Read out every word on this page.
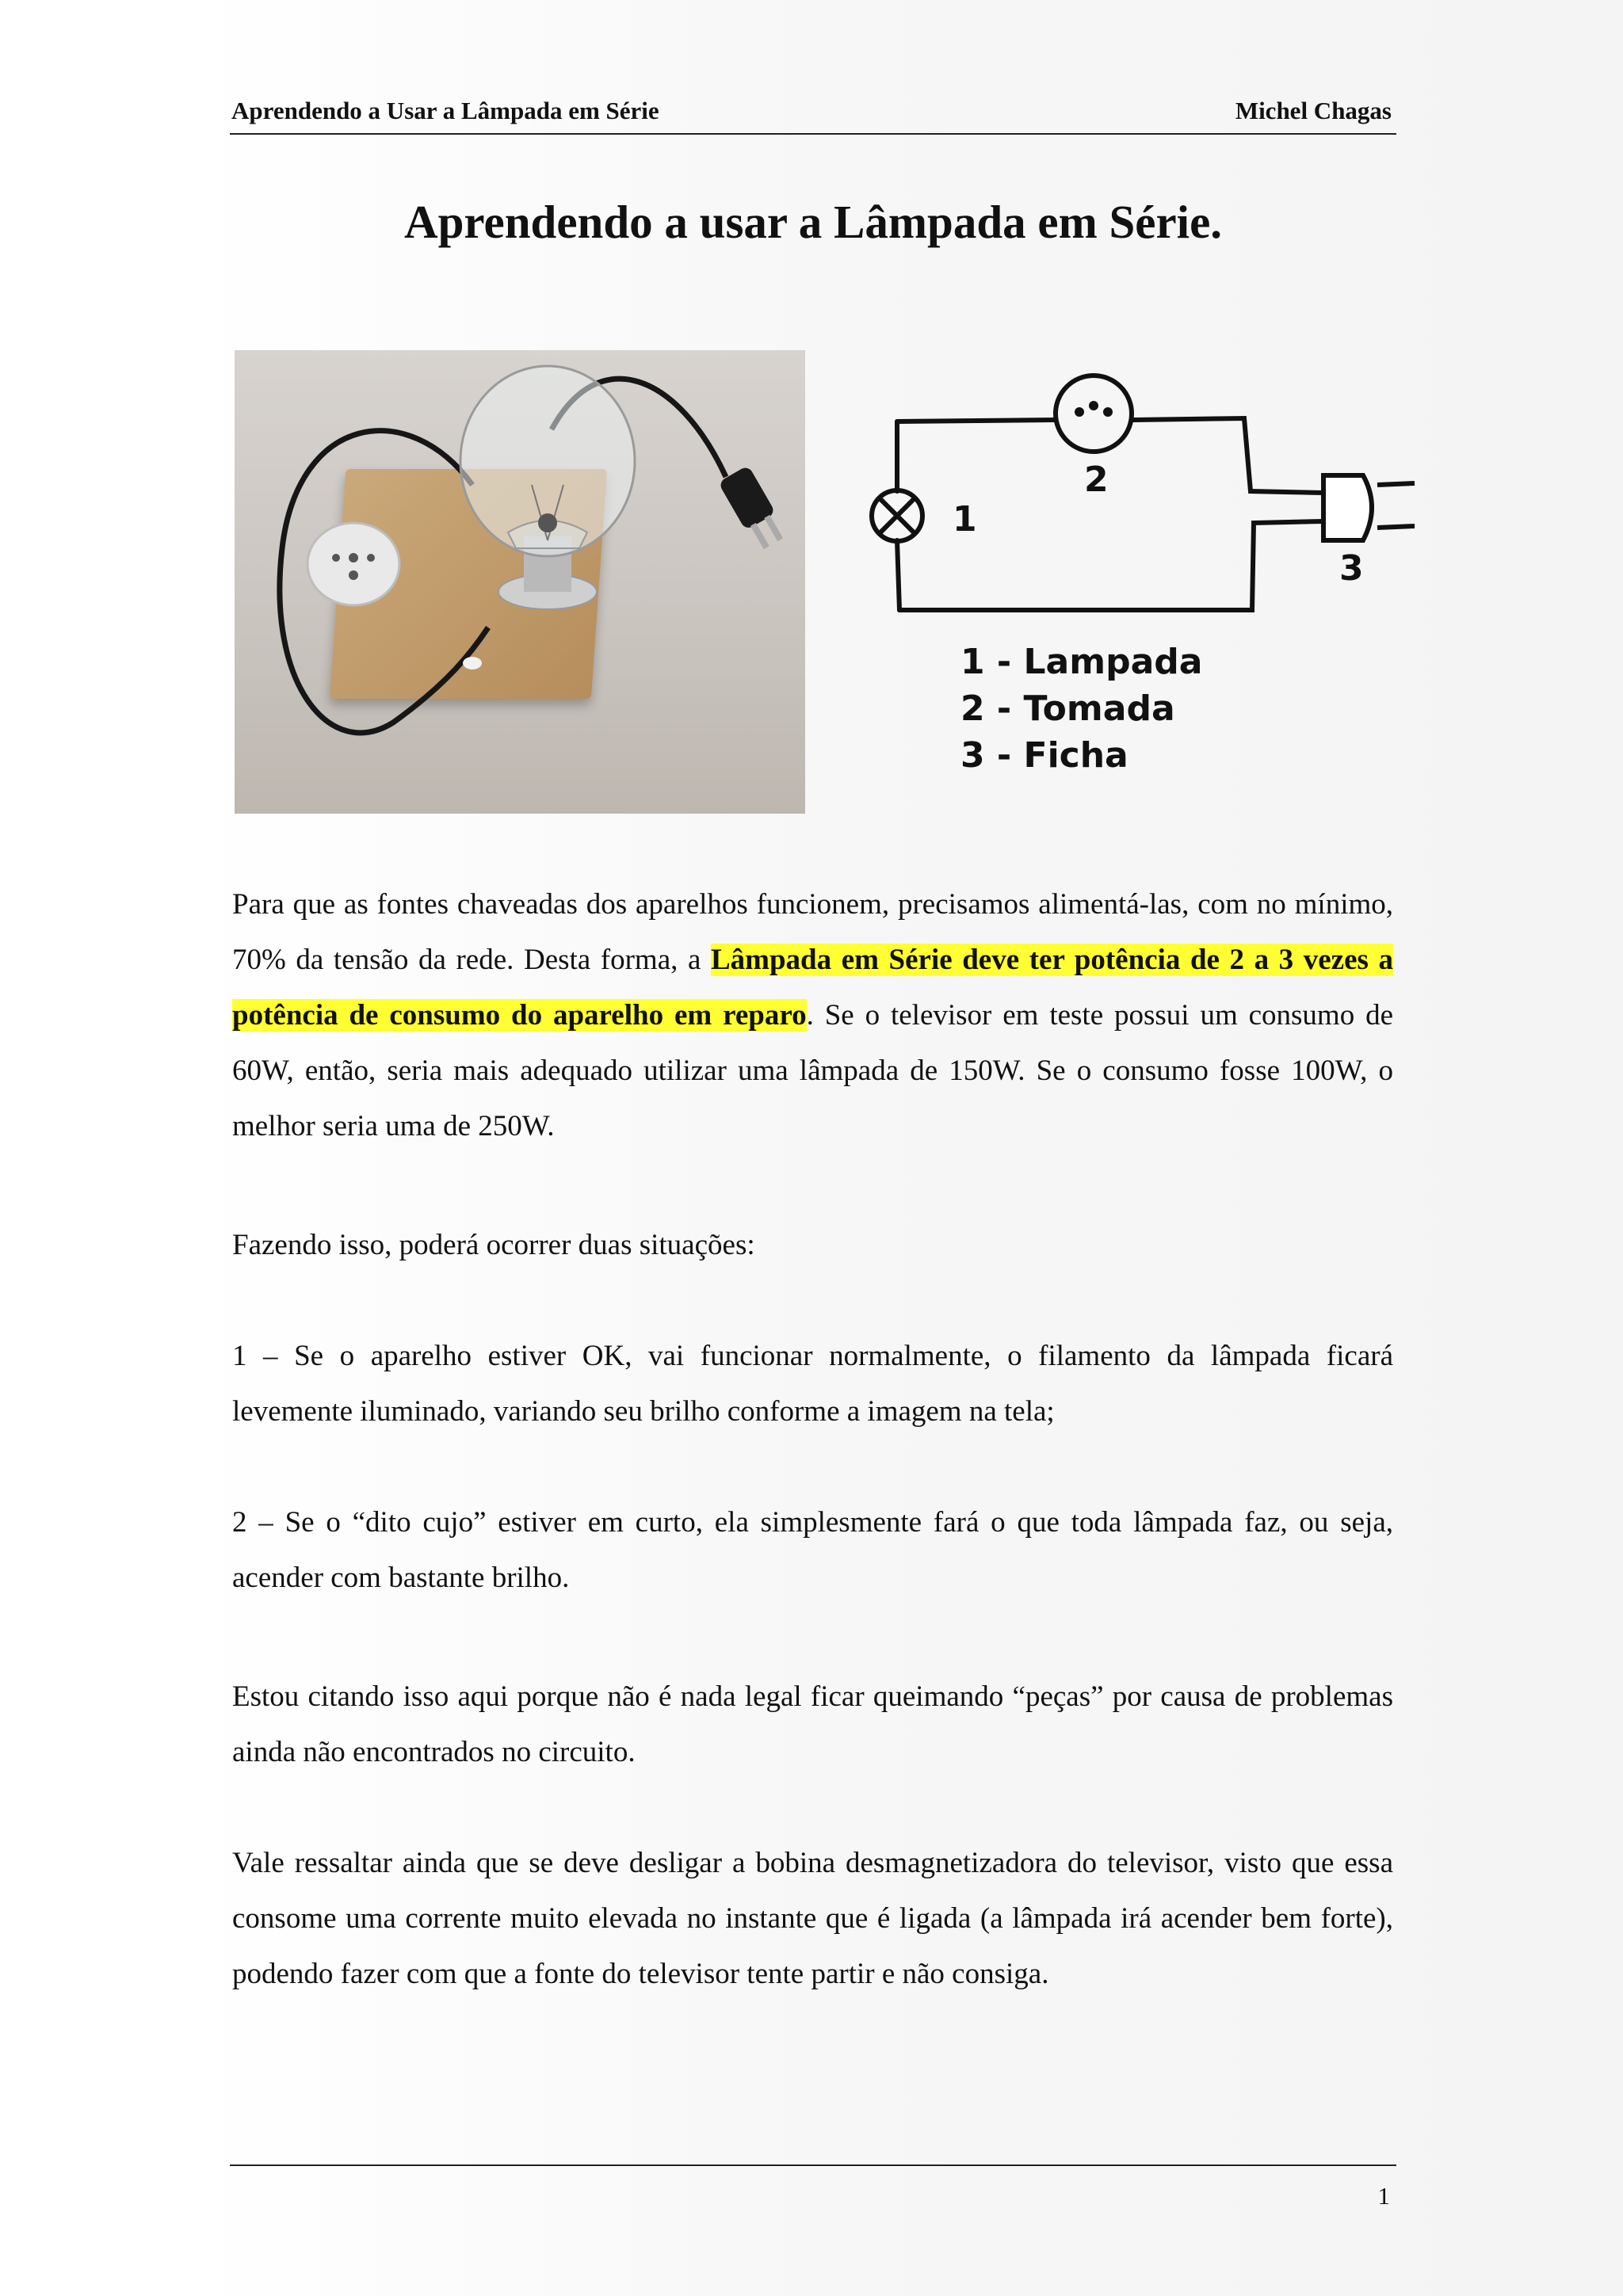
Aprendendo a Usar a Lâmpada em Série	Michel Chagas
Aprendendo a usar a Lâmpada em Série.
1
2
3
1 - Lampada
2 - Tomada
3 - Ficha

Para que as fontes chaveadas dos aparelhos funcionem, precisamos alimentá-las, com no mínimo, 70% da tensão da rede. Desta forma, a Lâmpada em Série deve ter potência de 2 a 3 vezes a potência de consumo do aparelho em reparo. Se o televisor em teste possui um consumo de 60W, então, seria mais adequado utilizar uma lâmpada de 150W. Se o consumo fosse 100W, o melhor seria uma de 250W.

Fazendo isso, poderá ocorrer duas situações:

1 – Se o aparelho estiver OK, vai funcionar normalmente, o filamento da lâmpada ficará levemente iluminado, variando seu brilho conforme a imagem na tela;

2 – Se o “dito cujo” estiver em curto, ela simplesmente fará o que toda lâmpada faz, ou seja, acender com bastante brilho.

Estou citando isso aqui porque não é nada legal ficar queimando “peças” por causa de problemas ainda não encontrados no circuito.

Vale ressaltar ainda que se deve desligar a bobina desmagnetizadora do televisor, visto que essa consome uma corrente muito elevada no instante que é ligada (a lâmpada irá acender bem forte), podendo fazer com que a fonte do televisor tente partir e não consiga.

1
